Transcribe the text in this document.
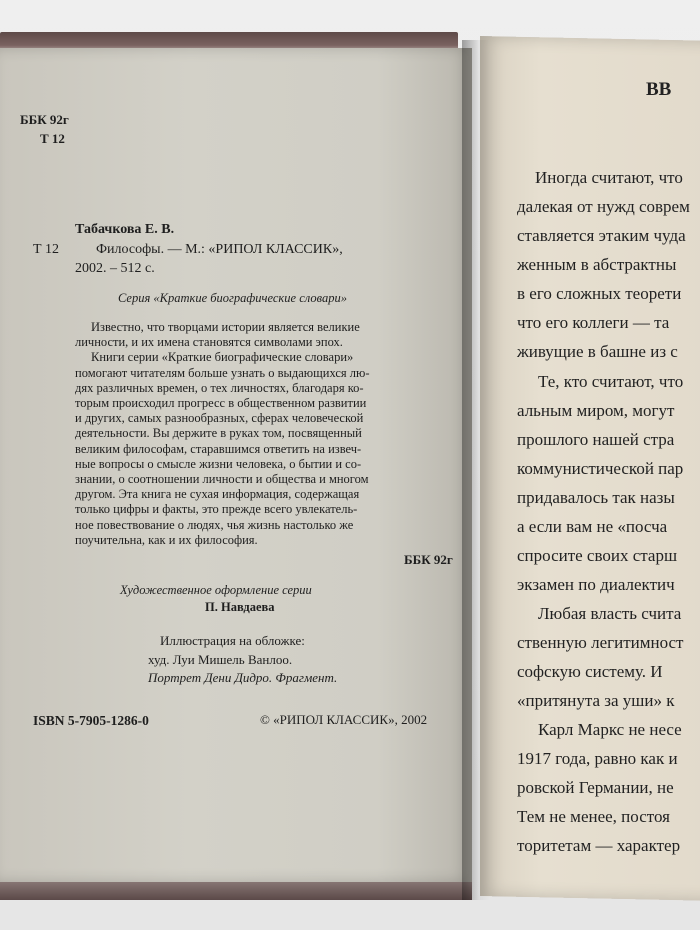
ББК 92г
Т 12
Табачкова Е. В.
Т 12	Философы. — М.: «РИПОЛ КЛАССИК»,
2002. – 512 с.
Серия «Краткие биографические словари»
Известно, что творцами истории является великие
личности, и их имена становятся символами эпох.
Книги серии «Краткие биографические словари»
помогают читателям больше узнать о выдающихся лю-
дях различных времен, о тех личностях, благодаря ко-
торым происходил прогресс в общественном развитии
и других, самых разнообразных, сферах человеческой
деятельности. Вы держите в руках том, посвященный
великим философам, старавшимся ответить на извеч-
ные вопросы о смысле жизни человека, о бытии и со-
знании, о соотношении личности и общества и многом
другом. Эта книга не сухая информация, содержащая
только цифры и факты, это прежде всего увлекатель-
ное повествование о людях, чья жизнь настолько же
поучительна, как и их философия.
ББК 92г
Художественное оформление серии
П. Навдаева
Иллюстрация на обложке:
худ. Луи Мишель Ванлоо.
Портрет Дени Дидро. Фрагмент.
ISBN 5-7905-1286-0	© «РИПОЛ КЛАССИК», 2002
ВВ
Иногда считают, что
далекая от нужд соврем
ставляется этаким чуда
женным в абстрактны
в его сложных теорети
что его коллеги — та
живущие в башне из с
Те, кто считают, что
альным миром, могут
прошлого нашей стра
коммунистической пар
придавалось так назы
а если вам не «посча
спросите своих старш
экзамен по диалектич
Любая власть счита
ственную легитимност
софскую систему. И
«притянута за уши» к
Карл Маркс не несе
1917 года, равно как и
ровской Германии, не
Тем не менее, постоя
торитетам — характер
